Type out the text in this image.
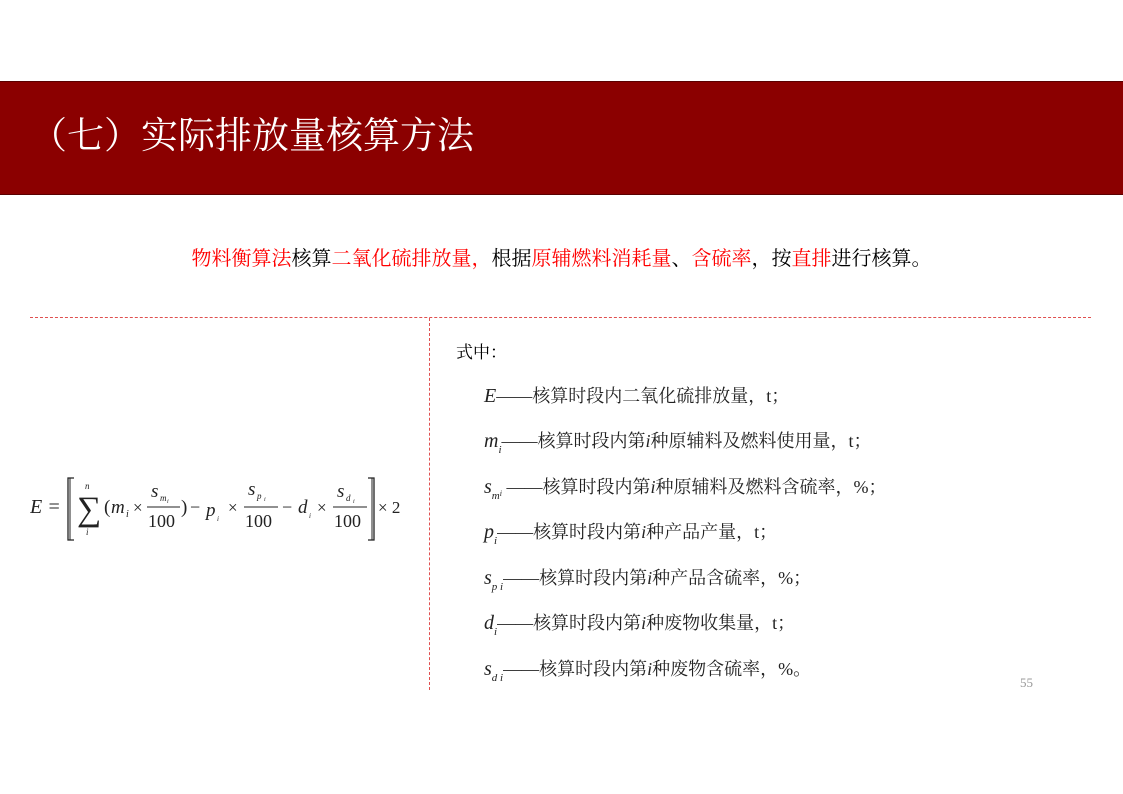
（七）实际排放量核算方法
物料衡算法核算二氧化硫排放量，根据原辅燃料消耗量、含硫率，按直排进行核算。
E = ∑
n
i
( m i ×
s m i
100
) − p i
×
s p i
100
− d i ×
s d i
100
× 2
式中：
E——核算时段内二氧化硫排放量，t；
$m_i——$核算时段内第i种原辅料及燃料使用量，t；
$s_mi$ ——核算时段内第i种原辅料及燃料含硫率，%；
$p_i——$核算时段内第i种产品产量，t；
$s_{p i}——$核算时段内第i种产品含硫率，%；
$d_i——$核算时段内第i种废物收集量，t；
$s_{d i}——$核算时段内第i种废物含硫率，%。
55
